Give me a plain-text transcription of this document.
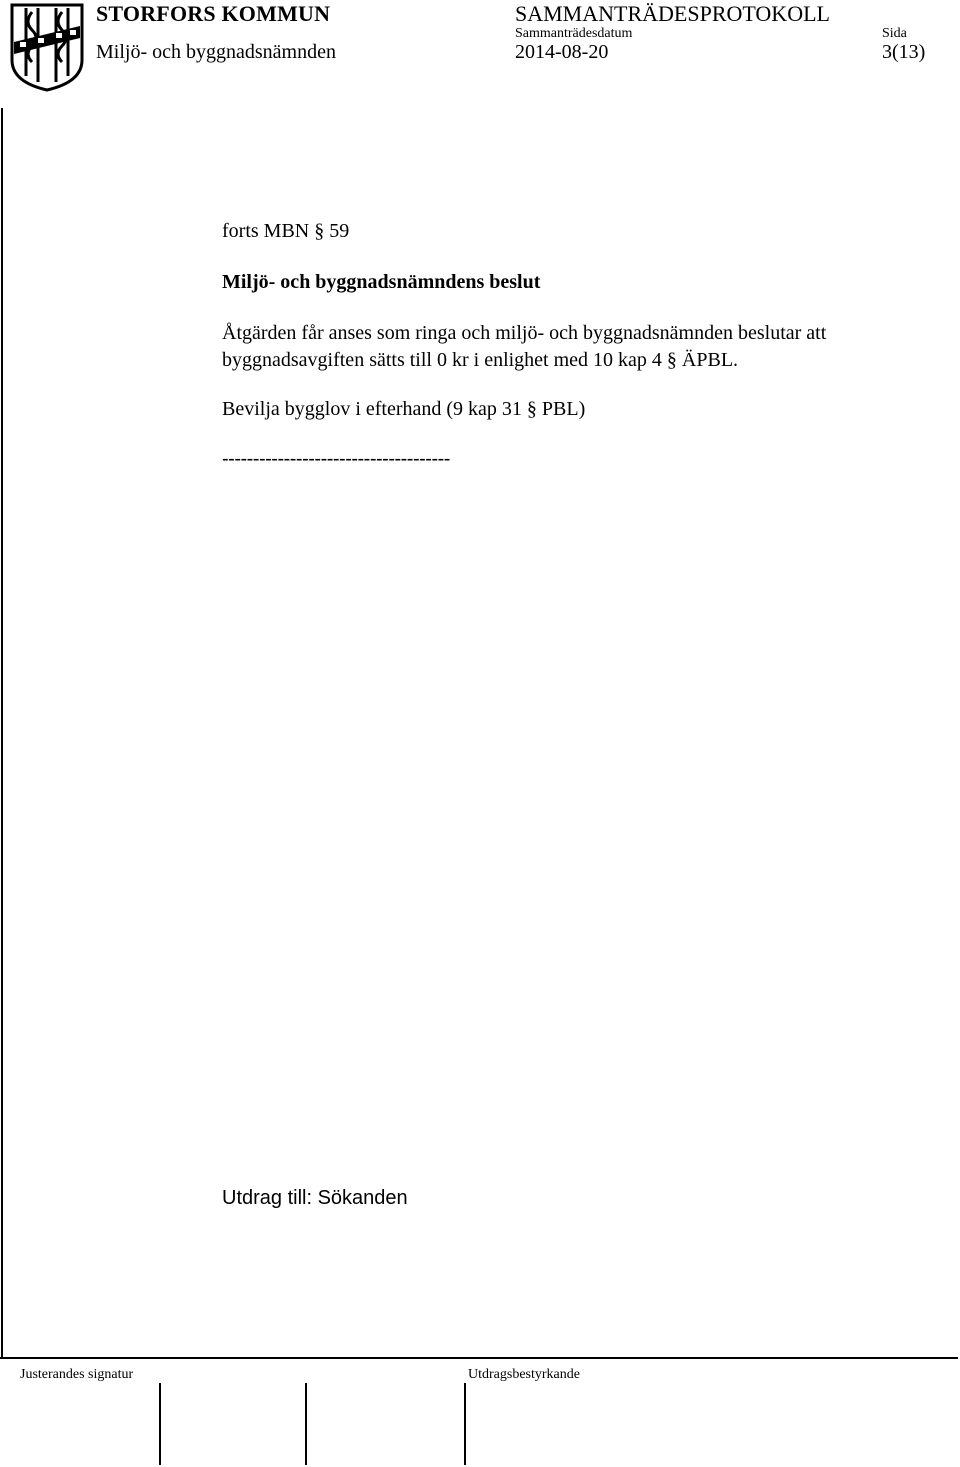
STORFORS KOMMUN
Miljö- och byggnadsnämnden
SAMMANTRÄDESPROTOKOLL
Sammanträdesdatum
2014-08-20
Sida
3(13)
forts MBN § 59
Miljö- och byggnadsnämndens beslut
Åtgärden får anses som ringa och miljö- och byggnadsnämnden beslutar att
byggnadsavgiften sätts till 0 kr i enlighet med 10 kap 4 § ÄPBL.
Bevilja bygglov i efterhand (9 kap 31 § PBL)
-------------------------------------
Utdrag till: Sökanden
Justerandes signatur	Utdragsbestyrkande
